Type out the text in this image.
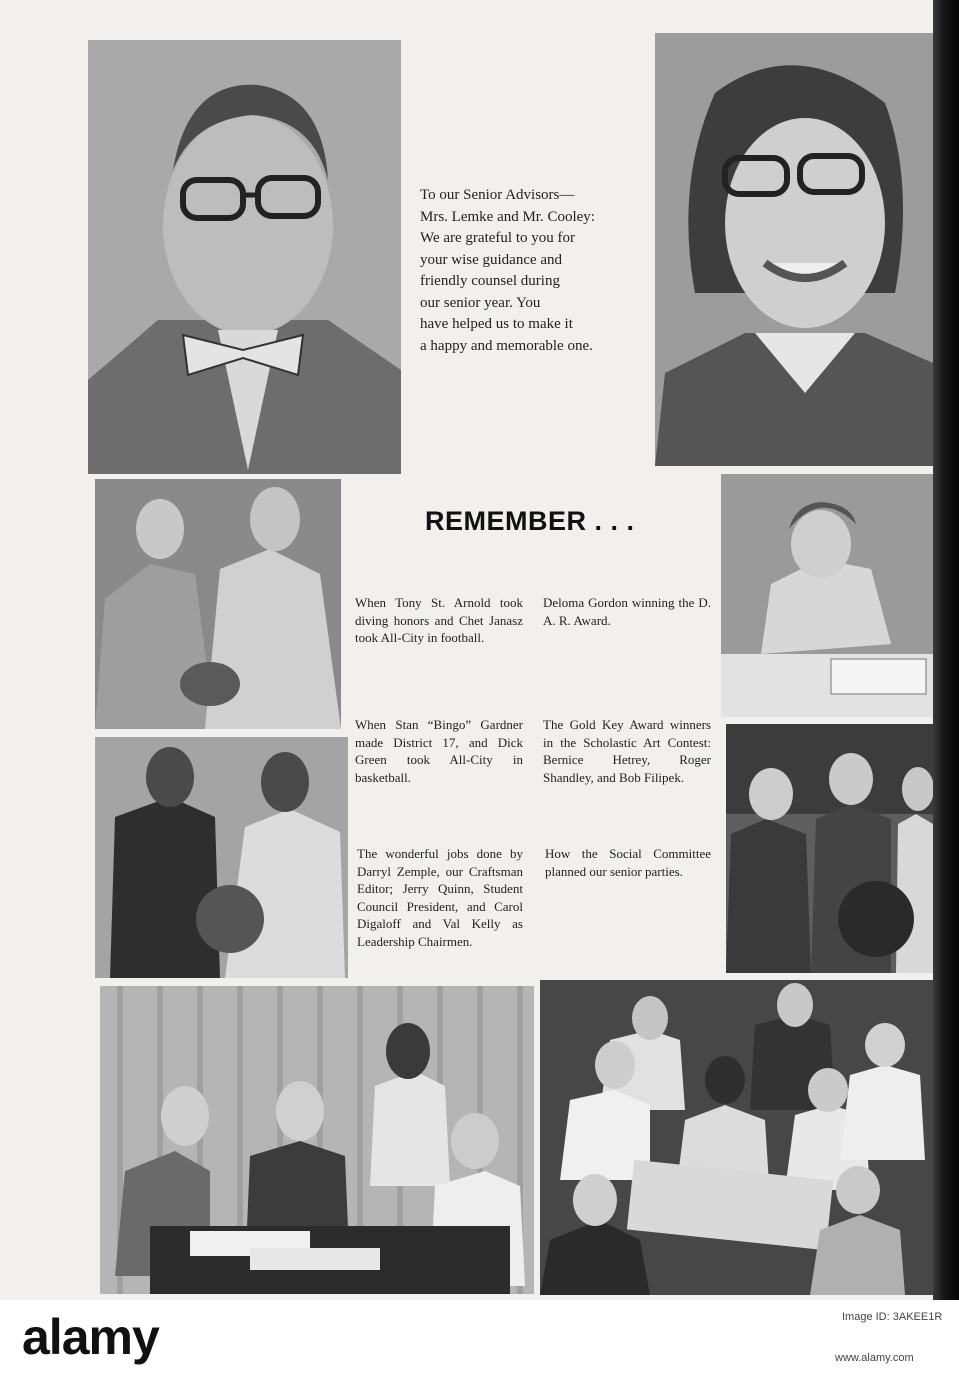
To our Senior Advisors—
Mrs. Lemke and Mr. Cooley:
We are grateful to you for
your wise guidance and
friendly counsel during
our senior year. You
have helped us to make it
a happy and memorable one.

REMEMBER . . .

When Tony St. Arnold took diving honors and Chet Janasz took All-City in football.

Deloma Gordon winning the D. A. R. Award.

When Stan “Bingo” Gardner made District 17, and Dick Green took All-City in basketball.

The Gold Key Award winners in the Scholastic Art Contest: Bernice Hetrey, Roger Shandley, and Bob Filipek.

The wonderful jobs done by Darryl Zemple, our Craftsman Editor; Jerry Quinn, Student Council President, and Carol Digaloff and Val Kelly as Leadership Chairmen.

How the Social Committee planned our senior parties.

alamy	Image ID: 3AKEE1R
www.alamy.com
